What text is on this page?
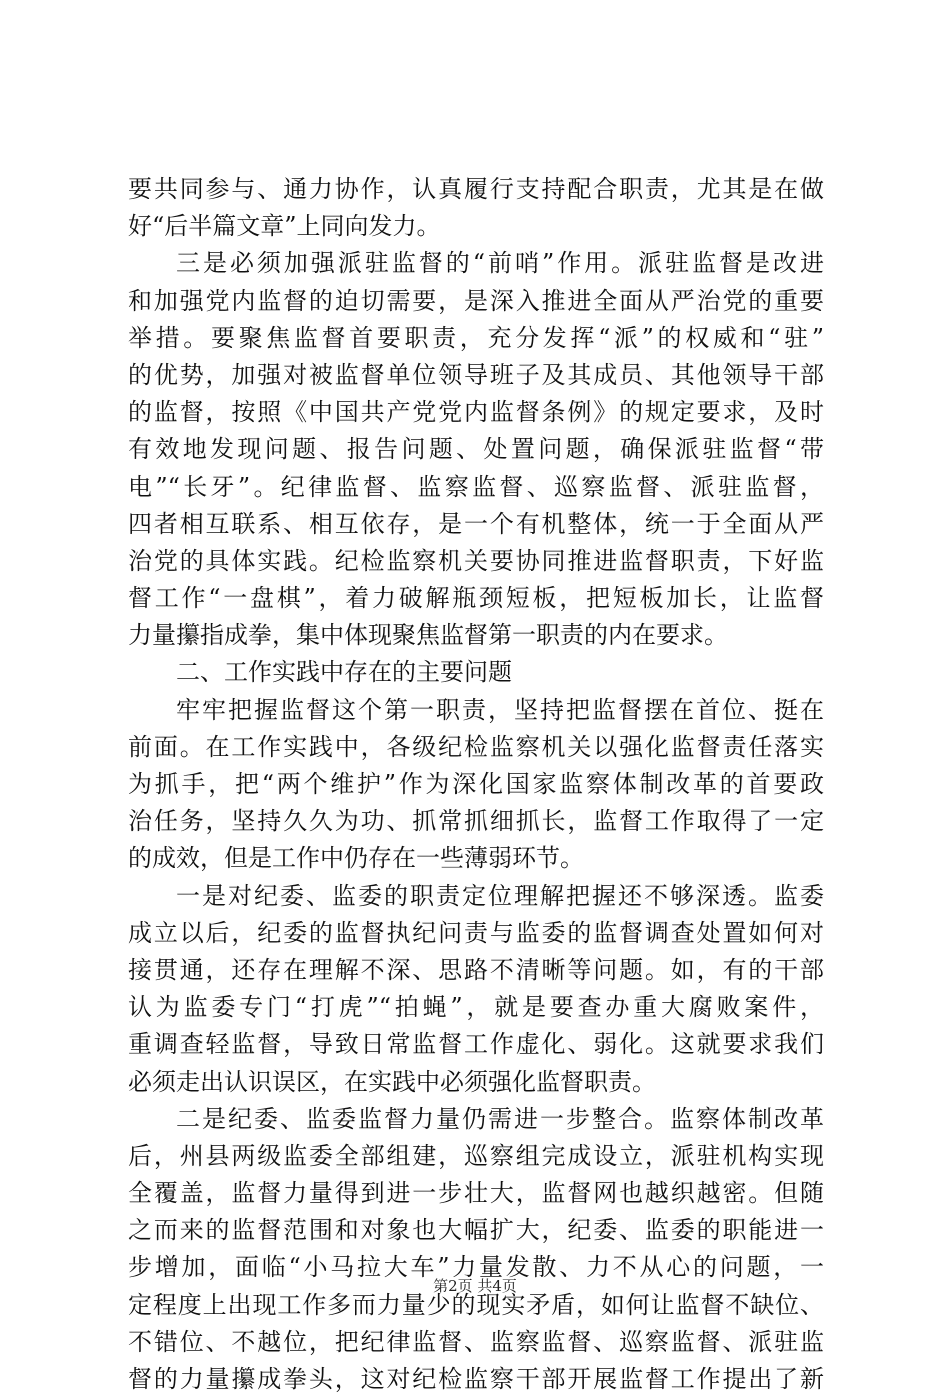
要共同参与、通力协作，认真履行支持配合职责，尤其是在做
好“后半篇文章”上同向发力。
三是必须加强派驻监督的“前哨”作用。派驻监督是改进
和加强党内监督的迫切需要，是深入推进全面从严治党的重要
举措。要聚焦监督首要职责，充分发挥“派”的权威和“驻”
的优势，加强对被监督单位领导班子及其成员、其他领导干部
的监督，按照《中国共产党党内监督条例》的规定要求，及时
有效地发现问题、报告问题、处置问题，确保派驻监督“带
电”“长牙”。纪律监督、监察监督、巡察监督、派驻监督，
四者相互联系、相互依存，是一个有机整体，统一于全面从严
治党的具体实践。纪检监察机关要协同推进监督职责，下好监
督工作“一盘棋”，着力破解瓶颈短板，把短板加长，让监督
力量攥指成拳，集中体现聚焦监督第一职责的内在要求。
二、工作实践中存在的主要问题
牢牢把握监督这个第一职责，坚持把监督摆在首位、挺在
前面。在工作实践中，各级纪检监察机关以强化监督责任落实
为抓手，把“两个维护”作为深化国家监察体制改革的首要政
治任务，坚持久久为功、抓常抓细抓长，监督工作取得了一定
的成效，但是工作中仍存在一些薄弱环节。
一是对纪委、监委的职责定位理解把握还不够深透。监委
成立以后，纪委的监督执纪问责与监委的监督调查处置如何对
接贯通，还存在理解不深、思路不清晰等问题。如，有的干部
认为监委专门“打虎”“拍蝇”，就是要查办重大腐败案件，
重调查轻监督，导致日常监督工作虚化、弱化。这就要求我们
必须走出认识误区，在实践中必须强化监督职责。
二是纪委、监委监督力量仍需进一步整合。监察体制改革
后，州县两级监委全部组建，巡察组完成设立，派驻机构实现
全覆盖，监督力量得到进一步壮大，监督网也越织越密。但随
之而来的监督范围和对象也大幅扩大，纪委、监委的职能进一
步增加，面临“小马拉大车”力量发散、力不从心的问题，一
定程度上出现工作多而力量少的现实矛盾，如何让监督不缺位、
不错位、不越位，把纪律监督、监察监督、巡察监督、派驻监
督的力量攥成拳头，这对纪检监察干部开展监督工作提出了新
第2页 共4页
